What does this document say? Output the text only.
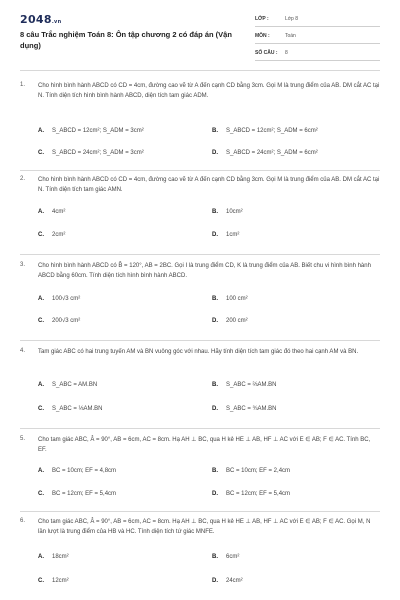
2048.vn
8 câu Trắc nghiệm Toán 8: Ôn tập chương 2 có đáp án (Vận dụng)
LỚP :	Lớp 8
MÔN :	Toán
SỐ CÂU : 8
1. Cho hình bình hành ABCD có CD = 4cm, đường cao vẽ từ A đến cạnh CD bằng 3cm. Gọi M là trung điểm của AB. DM cắt AC tại N. Tính diện tích hình bình hành ABCD, diện tích tam giác ADM.
A. S_ABCD = 12cm²; S_ADM = 3cm²	B. S_ABCD = 12cm²; S_ADM = 6cm²
C. S_ABCD = 24cm²; S_ADM = 3cm²	D. S_ABCD = 24cm²; S_ADM = 6cm²
2. Cho hình bình hành ABCD có CD = 4cm, đường cao vẽ từ A đến cạnh CD bằng 3cm. Gọi M là trung điểm của AB. DM cắt AC tại N. Tính diện tích tam giác AMN.
A. 4cm²	B. 10cm²
C. 2cm²	D. 1cm²
3. Cho hình bình hành ABCD có B̂ = 120°, AB = 2BC. Gọi I là trung điểm CD, K là trung điểm của AB. Biết chu vi hình bình hành ABCD bằng 60cm. Tính diện tích hình bình hành ABCD.
A. 100√3 cm²	B. 100 cm²
C. 200√3 cm²	D. 200 cm²
4. Tam giác ABC có hai trung tuyến AM và BN vuông góc với nhau. Hãy tính diện tích tam giác đó theo hai cạnh AM và BN.
A. S_ABC = AM.BN	B. S_ABC = ⅔AM.BN
C. S_ABC = ⅓AM.BN	D. S_ABC = ¾AM.BN
5. Cho tam giác ABC, Â = 90°, AB = 6cm, AC = 8cm. Hạ AH ⊥ BC, qua H kẻ HE ⊥ AB, HF ⊥ AC với E ∈ AB; F ∈ AC. Tính BC, EF.
A. BC = 10cm; EF = 4,8cm	B. BC = 10cm; EF = 2,4cm
C. BC = 12cm; EF = 5,4cm	D. BC = 12cm; EF = 5,4cm
6. Cho tam giác ABC, Â = 90°, AB = 6cm, AC = 8cm. Hạ AH ⊥ BC, qua H kẻ HE ⊥ AB, HF ⊥ AC với E ∈ AB; F ∈ AC. Gọi M, N lần lượt là trung điểm của HB và HC. Tính diện tích tứ giác MNFE.
A. 18cm²	B. 6cm²
C. 12cm²	D. 24cm²
